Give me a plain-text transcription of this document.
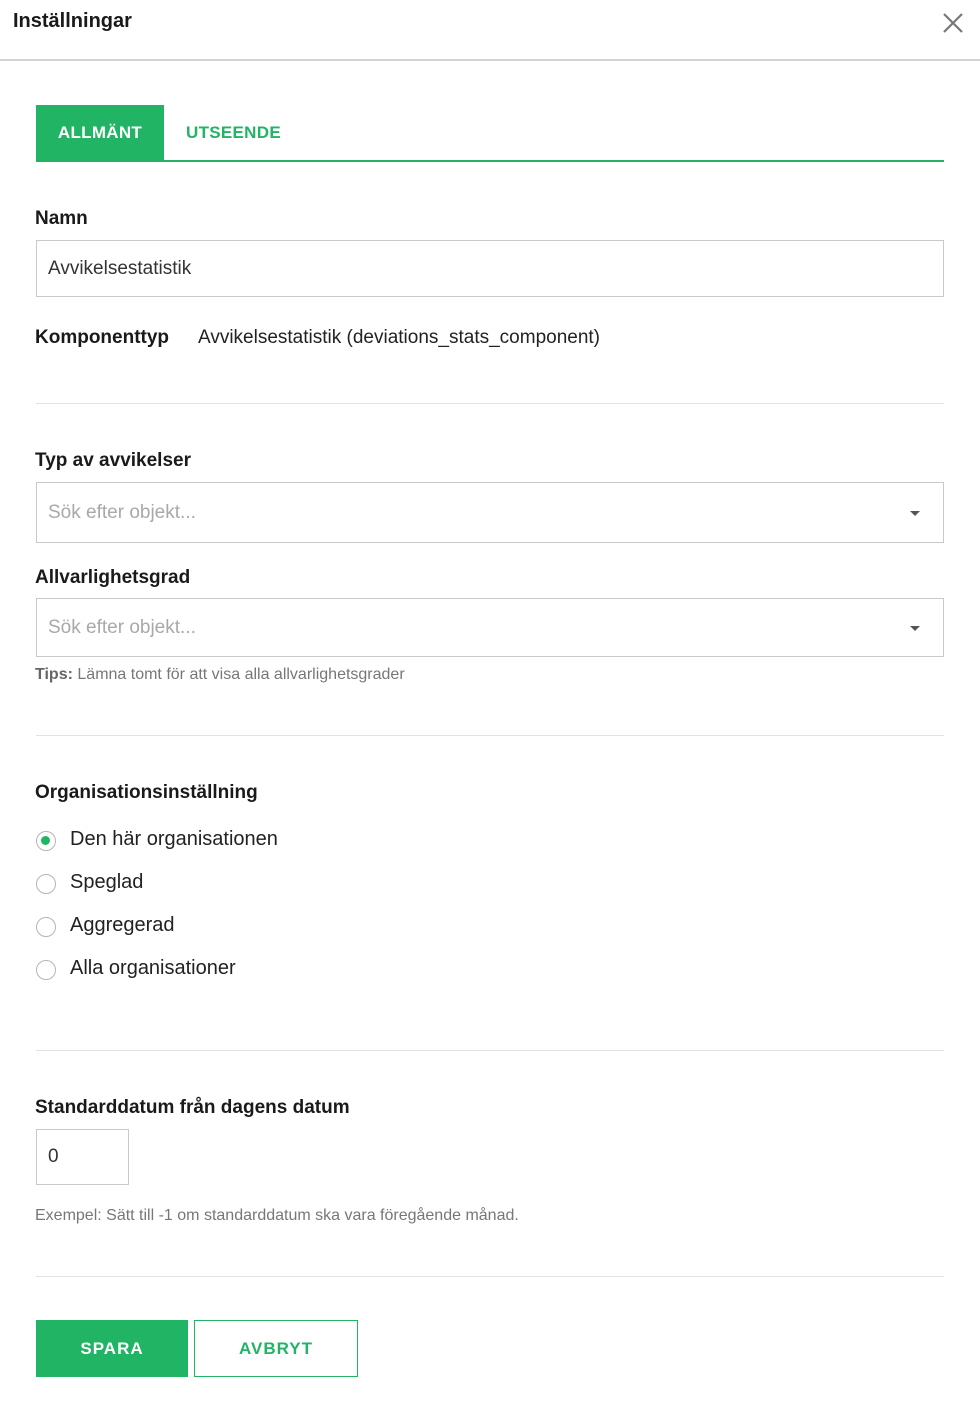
Inställningar
ALLMÄNT	UTSEENDE
Namn
Avvikelsestatistik
Komponenttyp Avvikelsestatistik (deviations_stats_component)
Typ av avvikelser
Sök efter objekt...
Allvarlighetsgrad
Sök efter objekt...
Tips: Lämna tomt för att visa alla allvarlighetsgrader
Organisationsinställning
Den här organisationen
Speglad
Aggregerad
Alla organisationer
Standarddatum från dagens datum
0
Exempel: Sätt till -1 om standarddatum ska vara föregående månad.
SPARA	AVBRYT
